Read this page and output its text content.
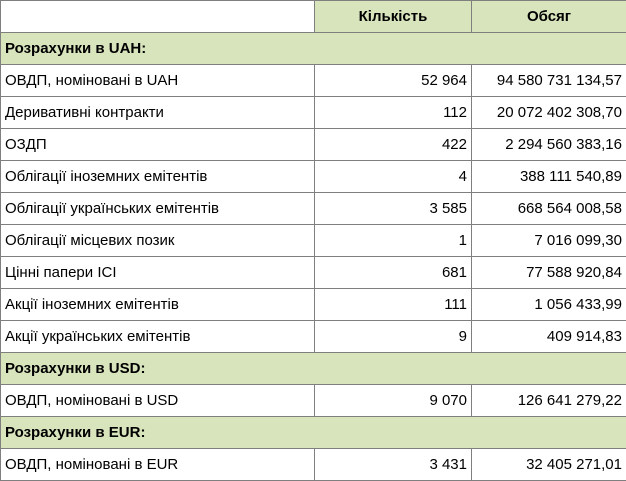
	Кількість	Обсяг
Розрахунки в UAH:		
ОВДП, номіновані в UAH	52 964	94 580 731 134,57
Деривативні контракти	112	20 072 402 308,70
ОЗДП	422	2 294 560 383,16
Облігації іноземних емітентів	4	388 111 540,89
Облігації українських емітентів	3 585	668 564 008,58
Облігації місцевих позик	1	7 016 099,30
Цінні папери ІСІ	681	77 588 920,84
Акції іноземних емітентів	111	1 056 433,99
Акції українських емітентів	9	409 914,83
Розрахунки в USD:		
ОВДП, номіновані в USD	9 070	126 641 279,22
Розрахунки в EUR:		
ОВДП, номіновані в EUR	3 431	32 405 271,01
